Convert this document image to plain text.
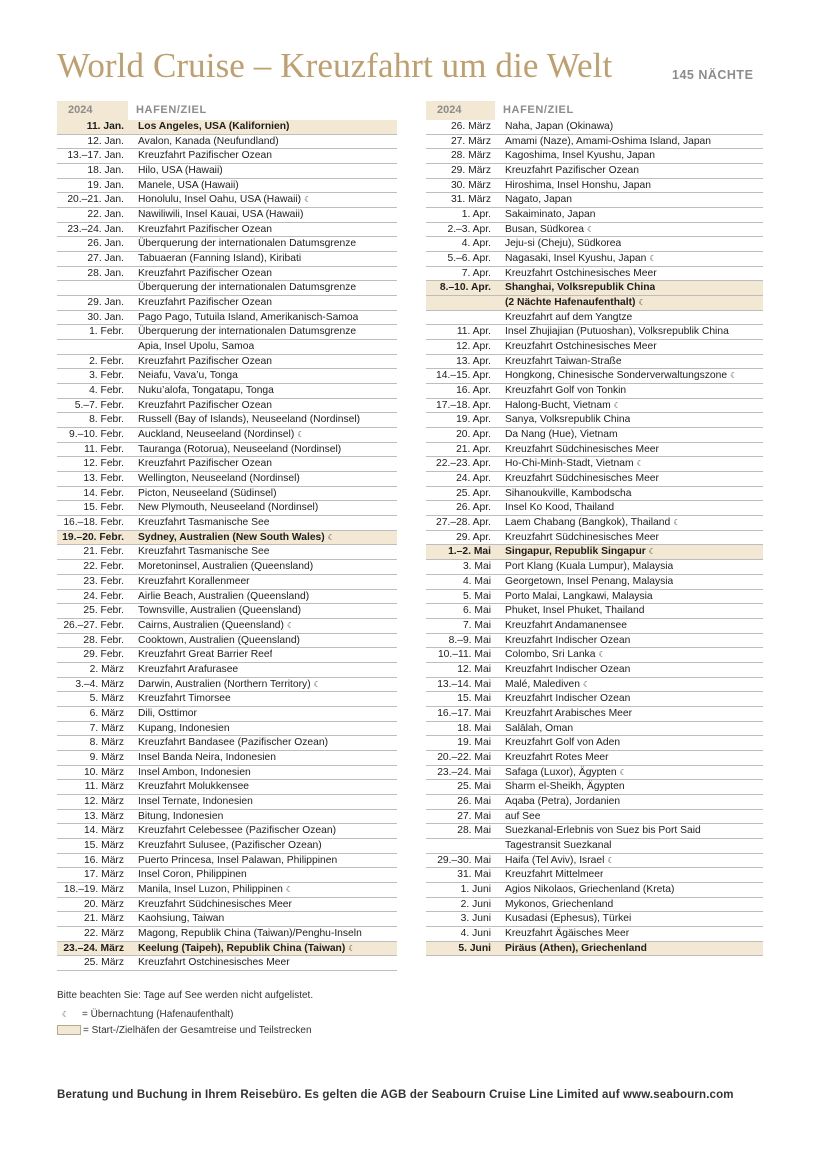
World Cruise – Kreuzfahrt um die Welt	145 NÄCHTE
2024	HAFEN/ZIEL
11. Jan.	Los Angeles, USA (Kalifornien)
12. Jan.	Avalon, Kanada (Neufundland)
13.–17. Jan.	Kreuzfahrt Pazifischer Ozean
18. Jan.	Hilo, USA (Hawaii)
19. Jan.	Manele, USA (Hawaii)
20.–21. Jan.	Honolulu, Insel Oahu, USA (Hawaii) ☾
22. Jan.	Nawiliwili, Insel Kauai, USA (Hawaii)
23.–24. Jan.	Kreuzfahrt Pazifischer Ozean
26. Jan.	Überquerung der internationalen Datumsgrenze
27. Jan.	Tabuaeran (Fanning Island), Kiribati
28. Jan.	Kreuzfahrt Pazifischer Ozean
Überquerung der internationalen Datumsgrenze
29. Jan.	Kreuzfahrt Pazifischer Ozean
30. Jan.	Pago Pago, Tutuila Island, Amerikanisch-Samoa
1. Febr.	Überquerung der internationalen Datumsgrenze
Apia, Insel Upolu, Samoa
2. Febr.	Kreuzfahrt Pazifischer Ozean
3. Febr.	Neiafu, Vava’u, Tonga
4. Febr.	Nuku’alofa, Tongatapu, Tonga
5.–7. Febr.	Kreuzfahrt Pazifischer Ozean
8. Febr.	Russell (Bay of Islands), Neuseeland (Nordinsel)
9.–10. Febr.	Auckland, Neuseeland (Nordinsel) ☾
11. Febr.	Tauranga (Rotorua), Neuseeland (Nordinsel)
12. Febr.	Kreuzfahrt Pazifischer Ozean
13. Febr.	Wellington, Neuseeland (Nordinsel)
14. Febr.	Picton, Neuseeland (Südinsel)
15. Febr.	New Plymouth, Neuseeland (Nordinsel)
16.–18. Febr.	Kreuzfahrt Tasmanische See
19.–20. Febr.	Sydney, Australien (New South Wales) ☾
21. Febr.	Kreuzfahrt Tasmanische See
22. Febr.	Moretoninsel, Australien (Queensland)
23. Febr.	Kreuzfahrt Korallenmeer
24. Febr.	Airlie Beach, Australien (Queensland)
25. Febr.	Townsville, Australien (Queensland)
26.–27. Febr.	Cairns, Australien (Queensland) ☾
28. Febr.	Cooktown, Australien (Queensland)
29. Febr.	Kreuzfahrt Great Barrier Reef
2. März	Kreuzfahrt Arafurasee
3.–4. März	Darwin, Australien (Northern Territory) ☾
5. März	Kreuzfahrt Timorsee
6. März	Dili, Osttimor
7. März	Kupang, Indonesien
8. März	Kreuzfahrt Bandasee (Pazifischer Ozean)
9. März	Insel Banda Neira, Indonesien
10. März	Insel Ambon, Indonesien
11. März	Kreuzfahrt Molukkensee
12. März	Insel Ternate, Indonesien
13. März	Bitung, Indonesien
14. März	Kreuzfahrt Celebessee (Pazifischer Ozean)
15. März	Kreuzfahrt Sulusee, (Pazifischer Ozean)
16. März	Puerto Princesa, Insel Palawan, Philippinen
17. März	Insel Coron, Philippinen
18.–19. März	Manila, Insel Luzon, Philippinen ☾
20. März	Kreuzfahrt Südchinesisches Meer
21. März	Kaohsiung, Taiwan
22. März	Magong, Republik China (Taiwan)/Penghu-Inseln
23.–24. März	Keelung (Taipeh), Republik China (Taiwan) ☾
25. März	Kreuzfahrt Ostchinesisches Meer
2024	HAFEN/ZIEL
26. März	Naha, Japan (Okinawa)
27. März	Amami (Naze), Amami-Oshima Island, Japan
28. März	Kagoshima, Insel Kyushu, Japan
29. März	Kreuzfahrt Pazifischer Ozean
30. März	Hiroshima, Insel Honshu, Japan
31. März	Nagato, Japan
1. Apr.	Sakaiminato, Japan
2.–3. Apr.	Busan, Südkorea ☾
4. Apr.	Jeju-si (Cheju), Südkorea
5.–6. Apr.	Nagasaki, Insel Kyushu, Japan ☾
7. Apr.	Kreuzfahrt Ostchinesisches Meer
8.–10. Apr.	Shanghai, Volksrepublik China
(2 Nächte Hafenaufenthalt) ☾
Kreuzfahrt auf dem Yangtze
11. Apr.	Insel Zhujiajian (Putuoshan), Volksrepublik China
12. Apr.	Kreuzfahrt Ostchinesisches Meer
13. Apr.	Kreuzfahrt Taiwan-Straße
14.–15. Apr.	Hongkong, Chinesische Sonderverwaltungszone ☾
16. Apr.	Kreuzfahrt Golf von Tonkin
17.–18. Apr.	Halong-Bucht, Vietnam ☾
19. Apr.	Sanya, Volksrepublik China
20. Apr.	Da Nang (Hue), Vietnam
21. Apr.	Kreuzfahrt Südchinesisches Meer
22.–23. Apr.	Ho-Chi-Minh-Stadt, Vietnam ☾
24. Apr.	Kreuzfahrt Südchinesisches Meer
25. Apr.	Sihanoukville, Kambodscha
26. Apr.	Insel Ko Kood, Thailand
27.–28. Apr.	Laem Chabang (Bangkok), Thailand ☾
29. Apr.	Kreuzfahrt Südchinesisches Meer
1.–2. Mai	Singapur, Republik Singapur ☾
3. Mai	Port Klang (Kuala Lumpur), Malaysia
4. Mai	Georgetown, Insel Penang, Malaysia
5. Mai	Porto Malai, Langkawi, Malaysia
6. Mai	Phuket, Insel Phuket, Thailand
7. Mai	Kreuzfahrt Andamanensee
8.–9. Mai	Kreuzfahrt Indischer Ozean
10.–11. Mai	Colombo, Sri Lanka ☾
12. Mai	Kreuzfahrt Indischer Ozean
13.–14. Mai	Malé, Malediven ☾
15. Mai	Kreuzfahrt Indischer Ozean
16.–17. Mai	Kreuzfahrt Arabisches Meer
18. Mai	Salālah, Oman
19. Mai	Kreuzfahrt Golf von Aden
20.–22. Mai	Kreuzfahrt Rotes Meer
23.–24. Mai	Safaga (Luxor), Ägypten ☾
25. Mai	Sharm el-Sheikh, Ägypten
26. Mai	Aqaba (Petra), Jordanien
27. Mai	auf See
28. Mai	Suezkanal-Erlebnis von Suez bis Port Said
Tagestransit Suezkanal
29.–30. Mai	Haifa (Tel Aviv), Israel ☾
31. Mai	Kreuzfahrt Mittelmeer
1. Juni	Agios Nikolaos, Griechenland (Kreta)
2. Juni	Mykonos, Griechenland
3. Juni	Kusadasi (Ephesus), Türkei
4. Juni	Kreuzfahrt Ägäisches Meer
5. Juni	Piräus (Athen), Griechenland
Bitte beachten Sie: Tage auf See werden nicht aufgelistet.
☾	= Übernachtung (Hafenaufenthalt)
= Start-/Zielhäfen der Gesamtreise und Teilstrecken
Beratung und Buchung in Ihrem Reisebüro. Es gelten die AGB der Seabourn Cruise Line Limited auf www.seabourn.com
